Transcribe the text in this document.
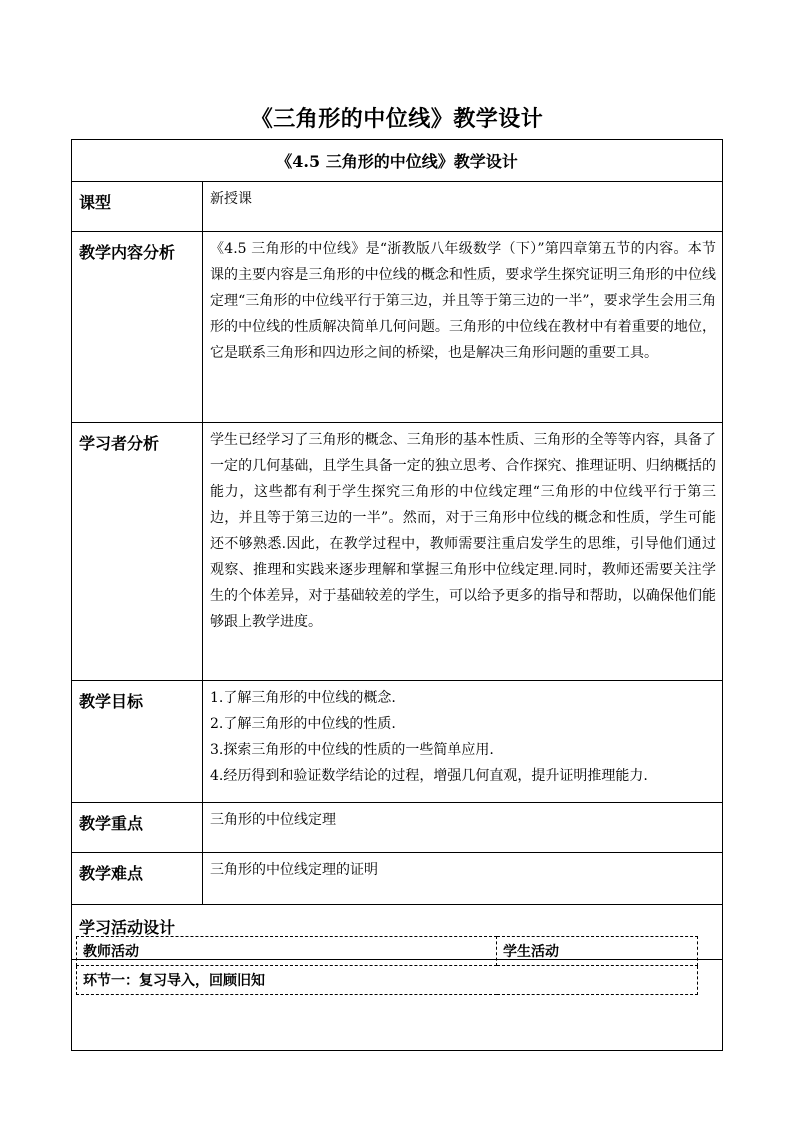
《三角形的中位线》教学设计
《4.5 三角形的中位线》教学设计	
课型	新授课
教学内容分析	《4.5 三角形的中位线》是“浙教版八年级数学（下）”第四章第五节的内容。本节课的主要内容是三角形的中位线的概念和性质，要求学生探究证明三角形的中位线定理“三角形的中位线平行于第三边，并且等于第三边的一半”，要求学生会用三角形的中位线的性质解决简单几何问题。三角形的中位线在教材中有着重要的地位，它是联系三角形和四边形之间的桥梁，也是解决三角形问题的重要工具。
学习者分析	学生已经学习了三角形的概念、三角形的基本性质、三角形的全等等内容，具备了一定的几何基础，且学生具备一定的独立思考、合作探究、推理证明、归纳概括的能力，这些都有利于学生探究三角形的中位线定理“三角形的中位线平行于第三边，并且等于第三边的一半”。然而，对于三角形中位线的概念和性质，学生可能还不够熟悉.因此，在教学过程中，教师需要注重启发学生的思维，引导他们通过观察、推理和实践来逐步理解和掌握三角形中位线定理.同时，教师还需要关注学生的个体差异，对于基础较差的学生，可以给予更多的指导和帮助，以确保他们能够跟上教学进度。
教学目标	1.了解三角形的中位线的概念.

2.了解三角形的中位线的性质.

3.探索三角形的中位线的性质的一些简单应用.

4.经历得到和验证数学结论的过程，增强几何直观，提升证明推理能力.

教学重点	三角形的中位线定理
教学难点	三角形的中位线定理的证明
学习活动设计	

教师活动	学生活动
环节一：复习导入，回顾旧知
